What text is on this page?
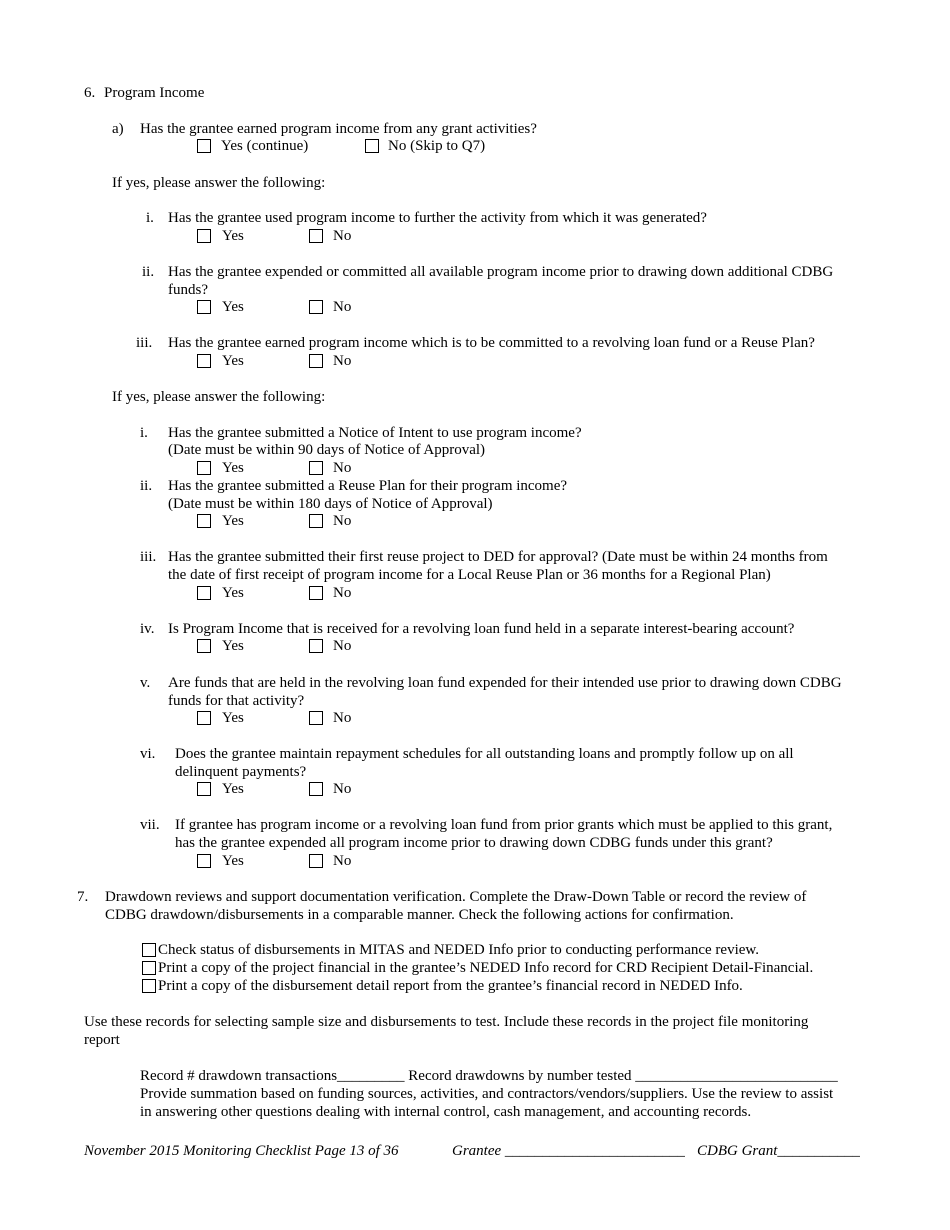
6. Program Income
a) Has the grantee earned program income from any grant activities?
Yes (continue)	No (Skip to Q7)
If yes, please answer the following:
i. Has the grantee used program income to further the activity from which it was generated?
Yes	No
ii. Has the grantee expended or committed all available program income prior to drawing down additional CDBG
funds?
Yes	No
iii. Has the grantee earned program income which is to be committed to a revolving loan fund or a Reuse Plan?
Yes	No
If yes, please answer the following:
i. Has the grantee submitted a Notice of Intent to use program income?
(Date must be within 90 days of Notice of Approval)
Yes	No
ii. Has the grantee submitted a Reuse Plan for their program income?
(Date must be within 180 days of Notice of Approval)
Yes	No
iii. Has the grantee submitted their first reuse project to DED for approval? (Date must be within 24 months from
the date of first receipt of program income for a Local Reuse Plan or 36 months for a Regional Plan)
Yes	No
iv. Is Program Income that is received for a revolving loan fund held in a separate interest-bearing account?
Yes	No
v. Are funds that are held in the revolving loan fund expended for their intended use prior to drawing down CDBG
funds for that activity?
Yes	No
vi. Does the grantee maintain repayment schedules for all outstanding loans and promptly follow up on all
delinquent payments?
Yes	No
vii. If grantee has program income or a revolving loan fund from prior grants which must be applied to this grant,
has the grantee expended all program income prior to drawing down CDBG funds under this grant?
Yes	No
7. Drawdown reviews and support documentation verification. Complete the Draw-Down Table or record the review of
CDBG drawdown/disbursements in a comparable manner. Check the following actions for confirmation.
Check status of disbursements in MITAS and NEDED Info prior to conducting performance review.
Print a copy of the project financial in the grantee’s NEDED Info record for CRD Recipient Detail-Financial.
Print a copy of the disbursement detail report from the grantee’s financial record in NEDED Info.
Use these records for selecting sample size and disbursements to test. Include these records in the project file monitoring
report
Record # drawdown transactions_________ Record drawdowns by number tested ___________________________
Provide summation based on funding sources, activities, and contractors/vendors/suppliers. Use the review to assist
in answering other questions dealing with internal control, cash management, and accounting records.
November 2015 Monitoring Checklist Page 13 of 36	Grantee ________________________ CDBG Grant___________
